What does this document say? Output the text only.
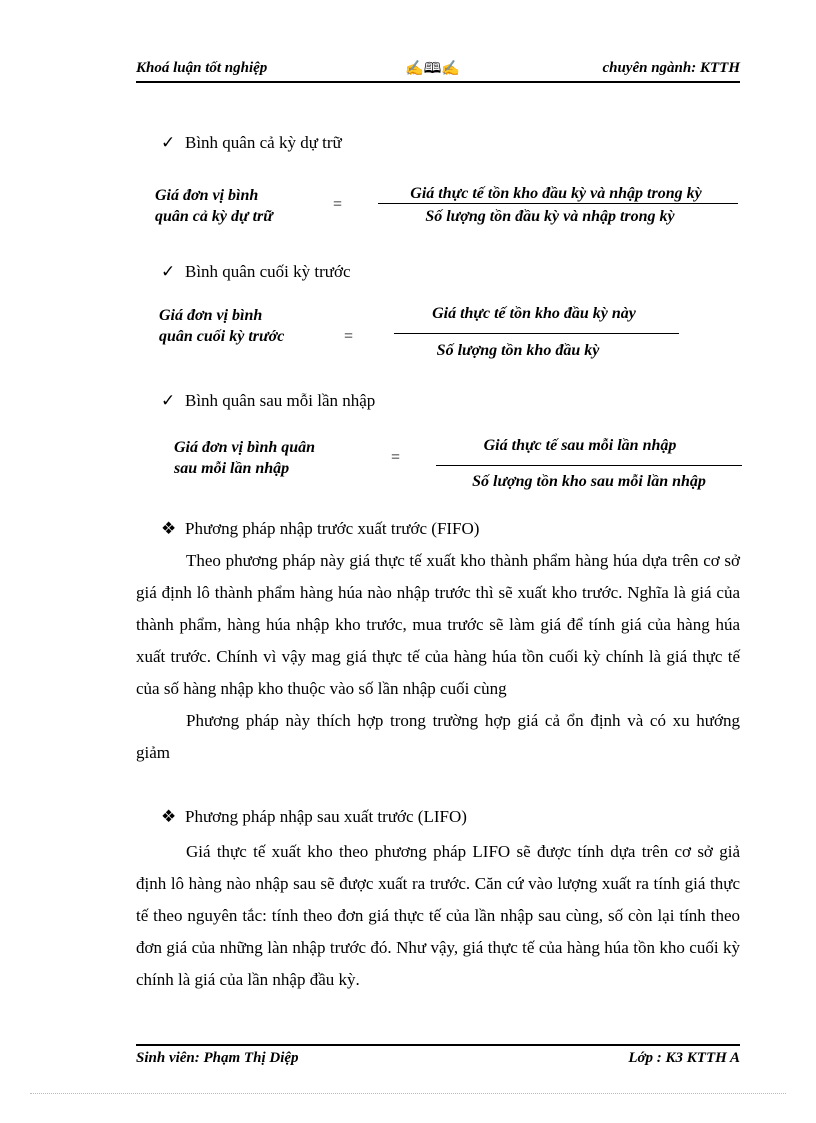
Khoá luận tốt nghiệp	✍🕮✍	chuyên ngành: KTTH
✓ Bình quân cả kỳ dự trữ
Giá đơn vị bình
quân cả kỳ dự trữ
=
Giá thực tế tồn kho đầu kỳ và nhập trong kỳ
Số lượng tồn đầu kỳ và nhập trong kỳ
✓ Bình quân cuối kỳ trước
Giá đơn vị bình
quân cuối kỳ trước	=
Giá thực tế tồn kho đầu kỳ này
Số lượng tồn kho đầu kỳ
✓ Bình quân sau mỗi lần nhập
Giá đơn vị bình quân
sau mỗi lần nhập
=
Giá thực tế sau mỗi lần nhập
Số lượng tồn kho sau mỗi lần nhập
❖ Phương pháp nhập trước xuất trước (FIFO)

Theo phương pháp này giá thực tế xuất kho thành phẩm hàng húa dựa trên cơ sở giá định lô thành phẩm hàng húa nào nhập trước thì sẽ xuất kho trước. Nghĩa là giá của thành phẩm, hàng húa nhập kho trước, mua trước sẽ làm giá để tính giá của hàng húa xuất trước. Chính vì vậy mag giá thực tế của hàng húa tồn cuối kỳ chính là giá thực tế của số hàng nhập kho thuộc vào số lần nhập cuối cùng

Phương pháp này thích hợp trong trường hợp giá cả ổn định và có xu hướng giảm

❖ Phương pháp nhập sau xuất trước (LIFO)

Giá thực tế xuất kho theo phương pháp LIFO sẽ được tính dựa trên cơ sở giả định lô hàng nào nhập sau sẽ được xuất ra trước. Căn cứ vào lượng xuất ra tính giá thực tế theo nguyên tắc: tính theo đơn giá thực tế của lần nhập sau cùng, số còn lại tính theo đơn giá của những làn nhập trước đó. Như vậy, giá thực tế của hàng húa tồn kho cuối kỳ chính là giá của lần nhập đầu kỳ.

Sinh viên: Phạm Thị Diệp	Lớp : K3 KTTH A
